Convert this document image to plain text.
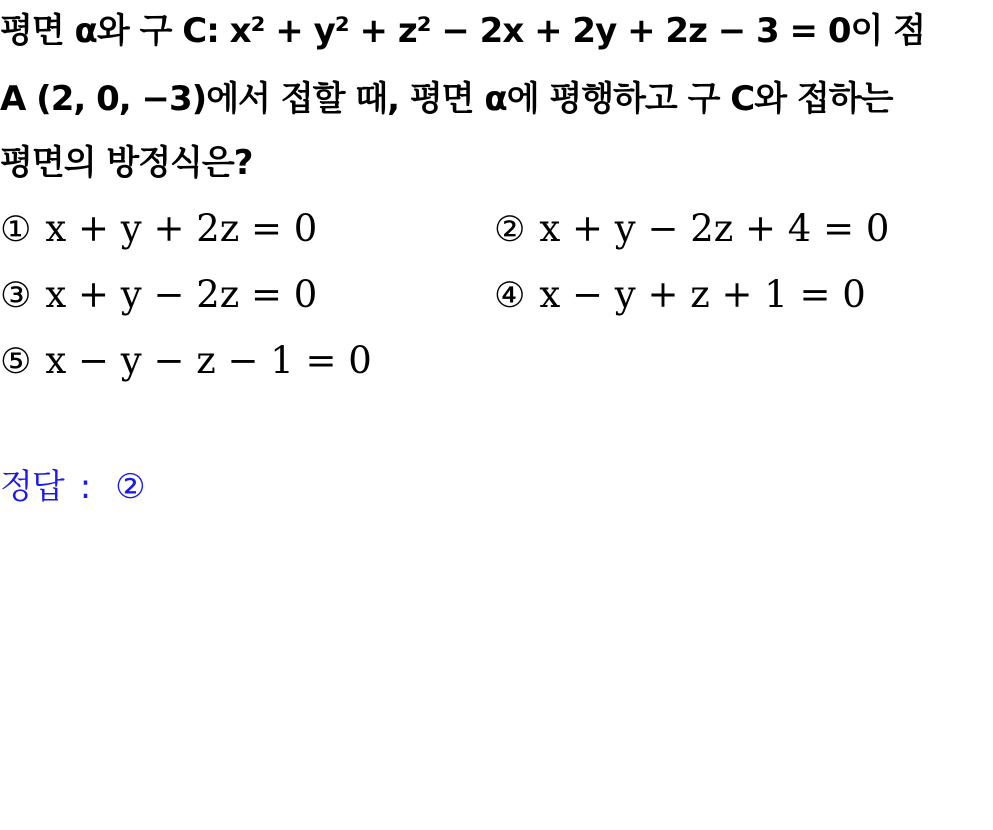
평면 α와 구 C: x² + y² + z² − 2x + 2y + 2z − 3 = 0이 점
A (2, 0, −3)에서 접할 때, 평면 α에 평행하고 구 C와 접하는
평면의 방정식은?
① x + y + 2z = 0	② x + y − 2z + 4 = 0
③ x + y − 2z = 0	④ x − y + z + 1 = 0
⑤ x − y − z − 1 = 0
정답 : ②
